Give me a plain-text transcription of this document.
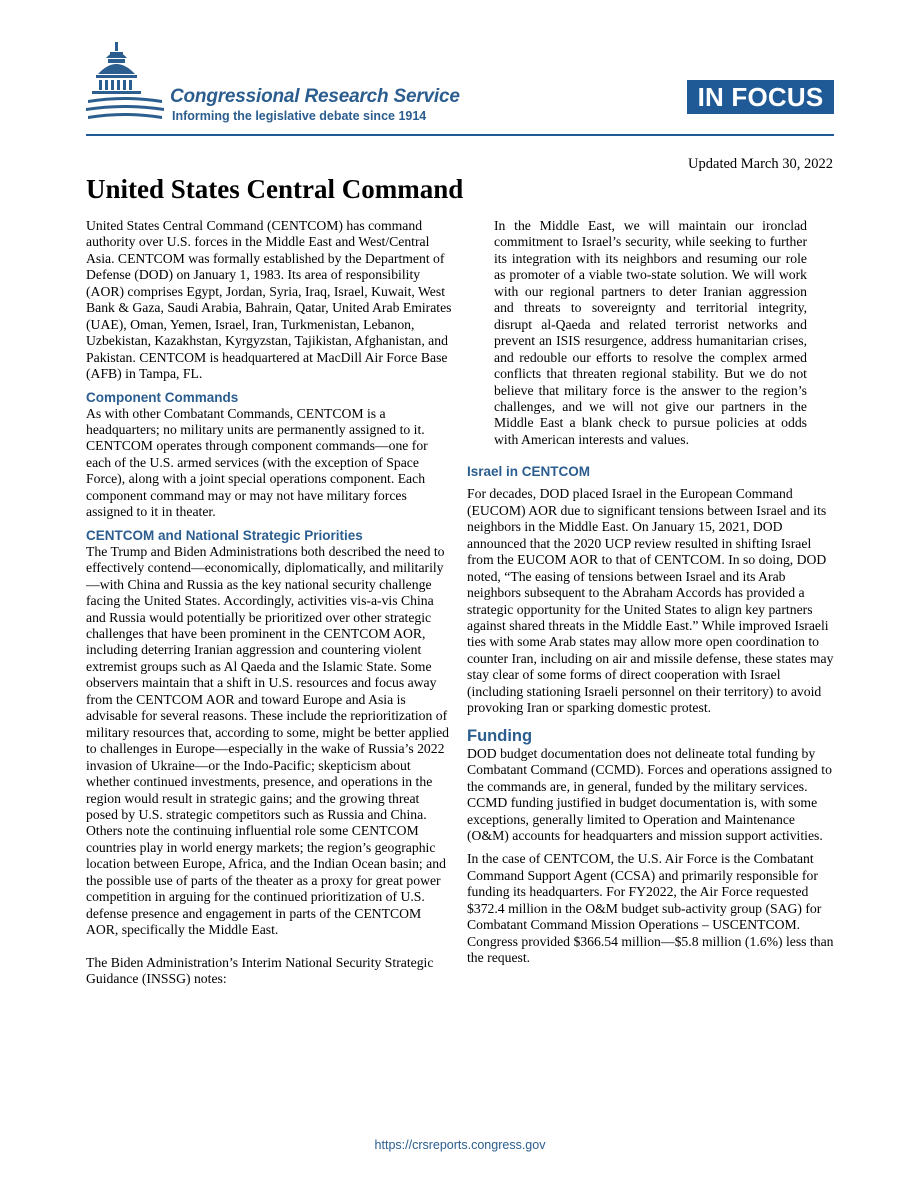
Congressional Research Service
Informing the legislative debate since 1914
IN FOCUS
Updated March 30, 2022
United States Central Command

United States Central Command (CENTCOM) has command authority over U.S. forces in the Middle East and West/Central Asia. CENTCOM was formally established by the Department of Defense (DOD) on January 1, 1983. Its area of responsibility (AOR) comprises Egypt, Jordan, Syria, Iraq, Israel, Kuwait, West Bank & Gaza, Saudi Arabia, Bahrain, Qatar, United Arab Emirates (UAE), Oman, Yemen, Israel, Iran, Turkmenistan, Lebanon, Uzbekistan, Kazakhstan, Kyrgyzstan, Tajikistan, Afghanistan, and Pakistan. CENTCOM is headquartered at MacDill Air Force Base (AFB) in Tampa, FL.

Component Commands

As with other Combatant Commands, CENTCOM is a headquarters; no military units are permanently assigned to it. CENTCOM operates through component commands—one for each of the U.S. armed services (with the exception of Space Force), along with a joint special operations component. Each component command may or may not have military forces assigned to it in theater.

CENTCOM and National Strategic Priorities

The Trump and Biden Administrations both described the need to effectively contend—economically, diplomatically, and militarily—with China and Russia as the key national security challenge facing the United States. Accordingly, activities vis-a-vis China and Russia would potentially be prioritized over other strategic challenges that have been prominent in the CENTCOM AOR, including deterring Iranian aggression and countering violent extremist groups such as Al Qaeda and the Islamic State. Some observers maintain that a shift in U.S. resources and focus away from the CENTCOM AOR and toward Europe and Asia is advisable for several reasons. These include the reprioritization of military resources that, according to some, might be better applied to challenges in Europe—especially in the wake of Russia’s 2022 invasion of Ukraine—or the Indo-Pacific; skepticism about whether continued investments, presence, and operations in the region would result in strategic gains; and the growing threat posed by U.S. strategic competitors such as Russia and China. Others note the continuing influential role some CENTCOM countries play in world energy markets; the region’s geographic location between Europe, Africa, and the Indian Ocean basin; and the possible use of parts of the theater as a proxy for great power competition in arguing for the continued prioritization of U.S. defense presence and engagement in parts of the CENTCOM AOR, specifically the Middle East.

The Biden Administration’s Interim National Security Strategic Guidance (INSSG) notes:

In the Middle East, we will maintain our ironclad commitment to Israel’s security, while seeking to further its integration with its neighbors and resuming our role as promoter of a viable two-state solution. We will work with our regional partners to deter Iranian aggression and threats to sovereignty and territorial integrity, disrupt al-Qaeda and related terrorist networks and prevent an ISIS resurgence, address humanitarian crises, and redouble our efforts to resolve the complex armed conflicts that threaten regional stability. But we do not believe that military force is the answer to the region’s challenges, and we will not give our partners in the Middle East a blank check to pursue policies at odds with American interests and values.

Israel in CENTCOM

For decades, DOD placed Israel in the European Command (EUCOM) AOR due to significant tensions between Israel and its neighbors in the Middle East. On January 15, 2021, DOD announced that the 2020 UCP review resulted in shifting Israel from the EUCOM AOR to that of CENTCOM. In so doing, DOD noted, “The easing of tensions between Israel and its Arab neighbors subsequent to the Abraham Accords has provided a strategic opportunity for the United States to align key partners against shared threats in the Middle East.” While improved Israeli ties with some Arab states may allow more open coordination to counter Iran, including on air and missile defense, these states may stay clear of some forms of direct cooperation with Israel (including stationing Israeli personnel on their territory) to avoid provoking Iran or sparking domestic protest.

Funding

DOD budget documentation does not delineate total funding by Combatant Command (CCMD). Forces and operations assigned to the commands are, in general, funded by the military services. CCMD funding justified in budget documentation is, with some exceptions, generally limited to Operation and Maintenance (O&M) accounts for headquarters and mission support activities.

In the case of CENTCOM, the U.S. Air Force is the Combatant Command Support Agent (CCSA) and primarily responsible for funding its headquarters. For FY2022, the Air Force requested $372.4 million in the O&M budget sub-activity group (SAG) for Combatant Command Mission Operations – USCENTCOM. Congress provided $366.54 million—$5.8 million (1.6%) less than the request.

https://crsreports.congress.gov
